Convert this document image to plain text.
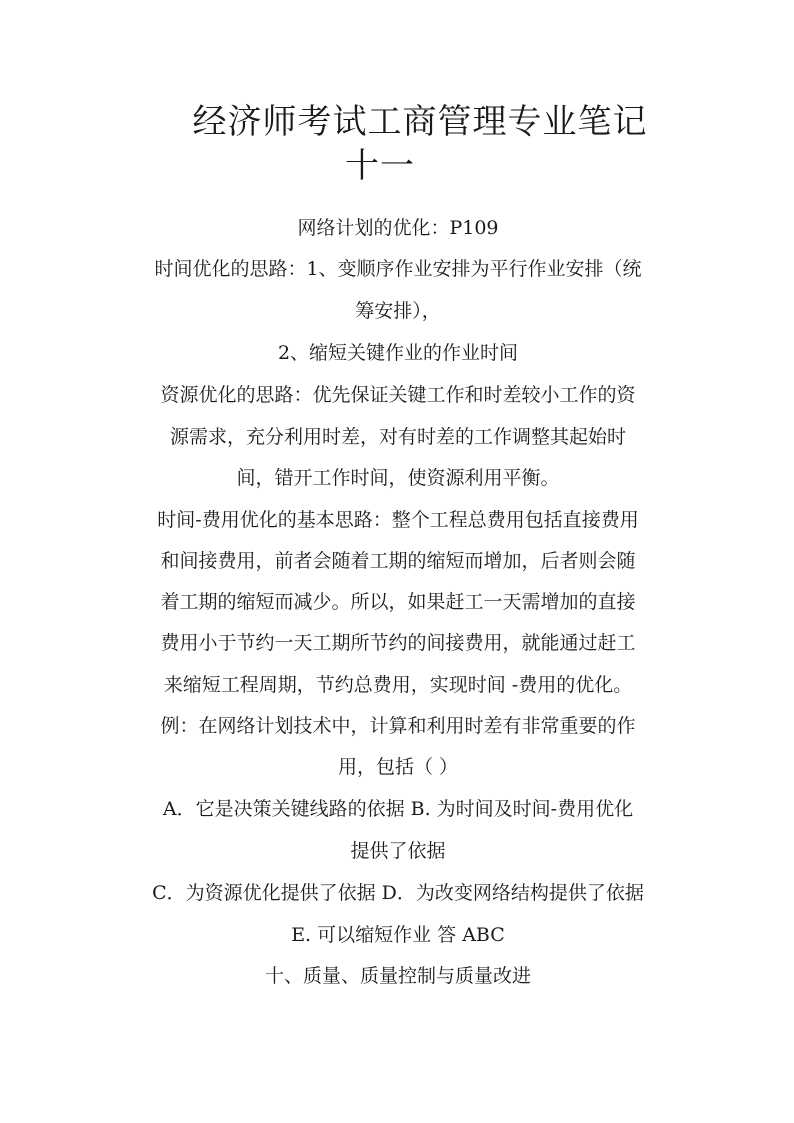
经济师考试工商管理专业笔记
十一
网络计划的优化：P109
时间优化的思路：1、变顺序作业安排为平行作业安排（统
筹安排），
2、缩短关键作业的作业时间
资源优化的思路：优先保证关键工作和时差较小工作的资
源需求，充分利用时差，对有时差的工作调整其起始时
间，错开工作时间，使资源利用平衡。
时间-费用优化的基本思路：整个工程总费用包括直接费用
和间接费用，前者会随着工期的缩短而增加，后者则会随
着工期的缩短而减少。所以，如果赶工一天需增加的直接
费用小于节约一天工期所节约的间接费用，就能通过赶工
来缩短工程周期，节约总费用，实现时间 -费用的优化。
例：在网络计划技术中，计算和利用时差有非常重要的作
用，包括（ ）
A．它是决策关键线路的依据 B. 为时间及时间-费用优化
提供了依据
C．为资源优化提供了依据 D．为改变网络结构提供了依据
E. 可以缩短作业 答 ABC
十、质量、质量控制与质量改进
